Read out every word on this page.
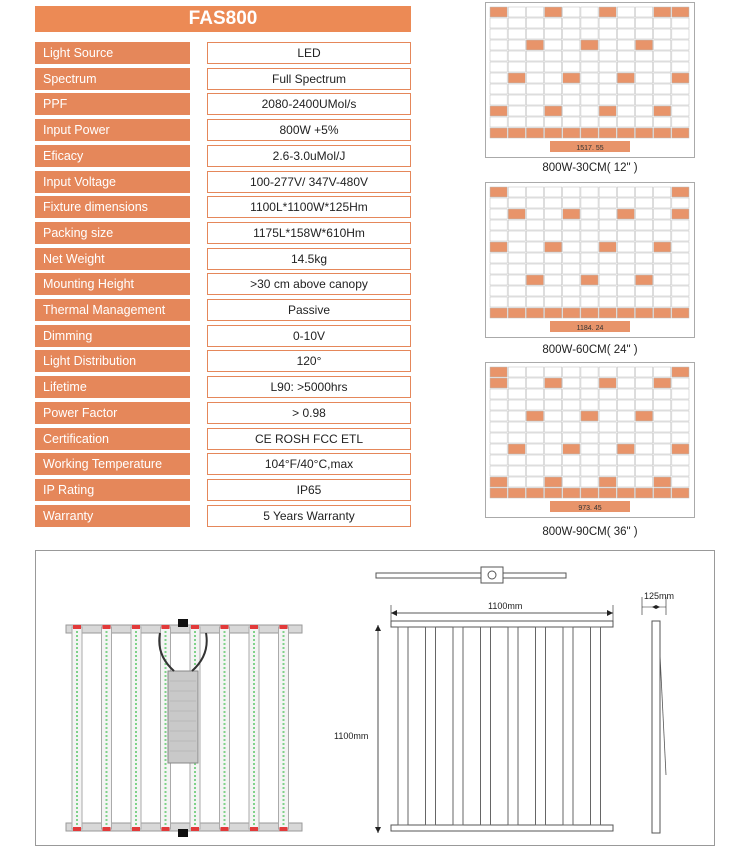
FAS800
Light Source	LED
Spectrum	Full Spectrum
PPF	2080-2400UMol/s
Input Power	800W +5%
Eficacy	2.6-3.0uMol/J
Input Voltage	100-277V/ 347V-480V
Fixture dimensions	1100L*1100W*125Hm
Packing size	1175L*158W*610Hm
Net Weight	14.5kg
Mounting Height	>30 cm above canopy
Thermal Management	Passive
Dimming	0-10V
Light Distribution	120°
Lifetime	L90: >5000hrs
Power Factor	> 0.98
Certification	CE ROSH FCC ETL
Working Temperature	104°F/40°C,max
IP Rating	IP65
Warranty	5 Years Warranty
1517. 55
800W-30CM( 12" )
1184. 24
800W-60CM( 24" )
973. 45
800W-90CM( 36" )
1100mm
1100mm
125mm
